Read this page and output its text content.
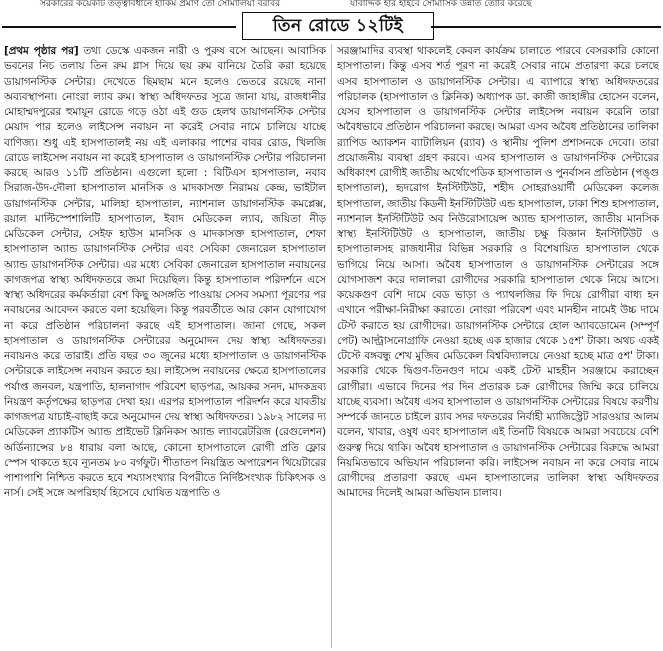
সরকারের কয়েকটি তত্ত্বাবধানে হাকিম প্রমাণ তো সোমালিয়া বরাবর	যাবাদ্দিক হার হাইবে সোমাসিক উন্নতি তোরি করেছে
তিন রোডে ১২টিই
[ প্রথম পৃষ্ঠার পর ] তথ্য ডেস্কে একজন নারী ও পুরুষ বসে আছেন। আবাসিক ভবনের নিচ তলায় তিন রুম গ্লাস দিয়ে ছয় রুম বানিয়ে তৈরি করা হয়েছে ডায়াগনস্টিক সেন্টার। দেখেতে ছিমছাম মনে হলেও ভেতরে রয়েছে নানা অব্যবস্থাপনা। নোংরা ল্যাব রুম। স্বাস্থ্য অধিদফতর সূত্রে জানা যায়, রাজধানীর মোহাম্মদপুরের হুমায়ূন রোডে গড়ে ওঠা এই গুড হেলথ ডায়াগনস্টিক সেন্টার মেয়াদ পার হলেও লাইসেন্স নবায়ন না করেই সেবার নামে চালিয়ে যাচ্ছে বাণিজ্য। শুধু এই হাসপাতালই নয় এই এলাকার পাশের বাবর রোড, খিলজি রোডে লাইসেন্স নবায়ন না করেই হাসপাতাল ও ডায়াগনস্টিক সেন্টার পরিচালনা করছে আরও ১১টি প্রতিষ্ঠান। এগুলো হলো : বিটিএস হাসপাতাল, নবাব সিরাজ-উদ-দৌলা হাসপাতাল মানসিক ও মাদকাসক্ত নিরাময় কেন্দ্র, ভাইটাল ডায়াগনস্টিক সেন্টার, মালিহা হাসপাতাল, ন্যাশনাল ডায়াগনস্টিক কমপ্লেক্স, রয়াল মাল্টিস্পেশালিটি হাসপাতাল, ইবাদ মেডিকেল ল্যাব, জয়িতা নীড় মেডিকেল সেন্টার, সেইফ হাউস মানসিক ও মাদকাসক্ত হাসপাতাল, শেফা হাসপাতাল অ্যান্ড ডায়াগনস্টিক সেন্টার এবং সেবিকা জেনারেল হাসপাতাল অ্যান্ড ডায়াগনস্টিক সেন্টার। এর মধ্যে সেবিকা জেনারেল হাসপাতাল নবায়নের কাগজপত্র স্বাস্থ্য অধিদফতরে জমা দিয়েছিল। কিন্তু হাসপাতাল পরিদর্শনে এসে স্বাস্থ্য অধিদরের কর্মকর্তারা বেশ কিছু অসঙ্গতি পাওয়ায় সেসব সমস্যা পূরণের পর নবায়নের আবেদন করতে বলা হয়েছিল। কিন্তু পরবর্তীতে আর কোন যোগাযোগ না করে প্রতিষ্ঠান পরিচালনা করছে এই হাসপাতাল। জানা গেছে, সকল হাসপাতাল ও ডায়াগনস্টিক সেন্টারের অনুমোদন দেয় স্বাস্থ্য অধিদফতর। নবায়নও করে তারাই। প্রতি বছর ৩০ জুনের মধ্যে হাসপাতাল ও ডায়াগনস্টিক সেন্টারকে লাইসেন্স নবায়ন করতে হয়। লাইসেন্স নবায়নের ক্ষেত্রে হাসপাতালের পর্যাপ্ত জনবল, যন্ত্রপাতি, হালনাগাদ পরিবেশ ছাড়পত্র, আয়কর সনদ, মাদকদ্রব্য নিয়ন্ত্রণ কর্তৃপক্ষের ছাড়পত্র দেখা হয়। এরপর হাসপাতাল পরিদর্শন করে যাবতীয় কাগজপত্র যাচাই-বাছাই করে অনুমোদন দেয় স্বাস্থ্য অধিদফতর। ১৯৮২ সালের দ্য মেডিকেল প্র্যাকটিস অ্যান্ড প্রাইভেট ক্লিনিকস অ্যান্ড ল্যাবরেটরিজ (রেগুলেশন) অর্ডিন্যান্সের ৮৪ ধারায় বলা আছে, কোনো হাসপাতালে রোগী প্রতি ফ্লোর স্পেস থাকতে হবে ন্যূনতম ৮০ বর্গফুট। শীতাতপ নিয়ন্ত্রিত অপারেশন থিয়েটারের পাশাপাশি নিশ্চিত করতে হবে শয্যাসংখ্যার বিপরীতে নির্দিষ্টসংখ্যক চিকিৎসক ও নার্স। সেই সঙ্গে অপরিহার্য হিসেবে ঘোষিত যন্ত্রপাতি ও
সরঞ্জামাদির ব্যবস্থা থাকলেই কেবল কার্যক্রম চালাতে পারবে বেসরকারি কোনো হাসপাতাল। কিন্তু এসব শর্ত পূরণ না করেই সেবার নামে প্রতারণা করে চলছে এসব হাসপাতাল ও ডায়াগনস্টিক সেন্টার। এ ব্যাপারে স্বাস্থ্য অধিদফতরের পরিচালক (হাসপাতাল ও ক্লিনিক) অধ্যাপক ডা. কাজী জাহাঙ্গীর হোসেন বলেন, যেসব হাসপাতাল ও ডায়াগনস্টিক সেন্টার লাইসেন্স নবায়ন করেনি তারা অবৈধভাবে প্রতিষ্ঠান পরিচালনা করছে। আমরা এসব অবৈধ প্রতিষ্ঠানের তালিকা র‌্যাপিড অ্যাকশন ব্যাটালিয়ন (র‌্যাব) ও স্থানীয় পুলিশ প্রশাসনকে দেবো। তারা প্রয়োজনীয় ব্যবস্থা গ্রহণ করবে। এসব হাসপাতাল ও ডায়াগনস্টিক সেন্টারের অধিকাংশ রোগীই জাতীয় অর্থোপেডিক হাসপাতাল ও পুনর্বাসন প্রতিষ্ঠান (পঙ্গু হাসপাতাল), হৃদরোগ ইনস্টিটিউট, শহীদ সোহরাওয়ার্দী মেডিকেল কলেজ হাসপাতাল, জাতীয় কিডনী ইনস্টিটিউট এন্ড হাসপাতাল, ঢাকা শিশু হাসপাতাল, ন্যাশনাল ইনস্টিটিউট অব নিউরোসায়েন্স অ্যান্ড হাসপাতাল, জাতীয় মানসিক স্বাস্থ্য ইনস্টিটিউট ও হাসপাতাল, জাতীয় চক্ষু বিজ্ঞান ইনস্টিটিউট ও হাসপাতালসহ রাজধানীর বিভিন্ন সরকারি ও বিশেষায়িত হাসপাতাল থেকে ভাগিয়ে নিয়ে আসা। অবৈধ হাসপাতাল ও ডায়াগনস্টিক সেন্টারের সঙ্গে যোগসাজশ করে দালালরা রোগীদের সরকারি হাসপাতাল থেকে নিয়ে আসে। কয়েকগুণ বেশি দামে বেড ভাড়া ও প্যাথলজির ফি দিয়ে রোগীরা বাধ্য হন এখানে পরীক্ষা-নিরীক্ষা করাতে। নোংরা পরিবেশ এবং মানহীন নামেই উচ্চ দামে টেস্ট করাতে হয় রোগীদের। ডায়াগনস্টিক সেন্টারে হোল অ্যাবডোমেন (সম্পূর্ণ পেট) আল্ট্রাসনোগ্রাফি নেওয়া হচ্ছে এক হাজার থেকে ১৫শ' টাকা। অথচ একই টেস্টে বঙ্গবন্ধু শেখ মুজিব মেডিকেল বিশ্ববিদ্যালয়ে নেওয়া হচ্ছে মাত্র ৫শ' টাকা। সরকারি থেকে দ্বিগুণ-তিনগুণ দামে একই টেস্ট মাহহীন সরঞ্জামে করাচ্ছেন রোগীরা। এভাবে দিনের পর দিন প্রতারক চক্র রোগীদের জিম্মি করে চালিয়ে যাচ্ছে ব্যবসা। অবৈধ এসব হাসপাতাল ও ডায়াগনস্টিক সেন্টারের বিষয়ে করণীয় সম্পর্কে জানতে চাইলে র‌্যাব সদর দফতরের নির্বাহী ম্যাজিস্ট্রেট সারওয়ার আলম বলেন, খাবার, ওষুধ এবং হাসপাতাল এই তিনটি বিষয়কে আমরা সবচেয়ে বেশি গুরুত্ব দিয়ে থাকি। অবৈধ হাসপাতাল ও ডায়াগনস্টিক সেন্টারের বিরুদ্ধে আমরা নিয়মিতভাবে অভিযান পরিচালনা করি। লাইসেন্স নবায়ন না করে সেবার নামে রোগীদের প্রতারণা করছে এমন হাসপাতালের তালিকা স্বাস্থ্য অধিদফতর আমাদের দিলেই আমরা অভিযান চালাব।
